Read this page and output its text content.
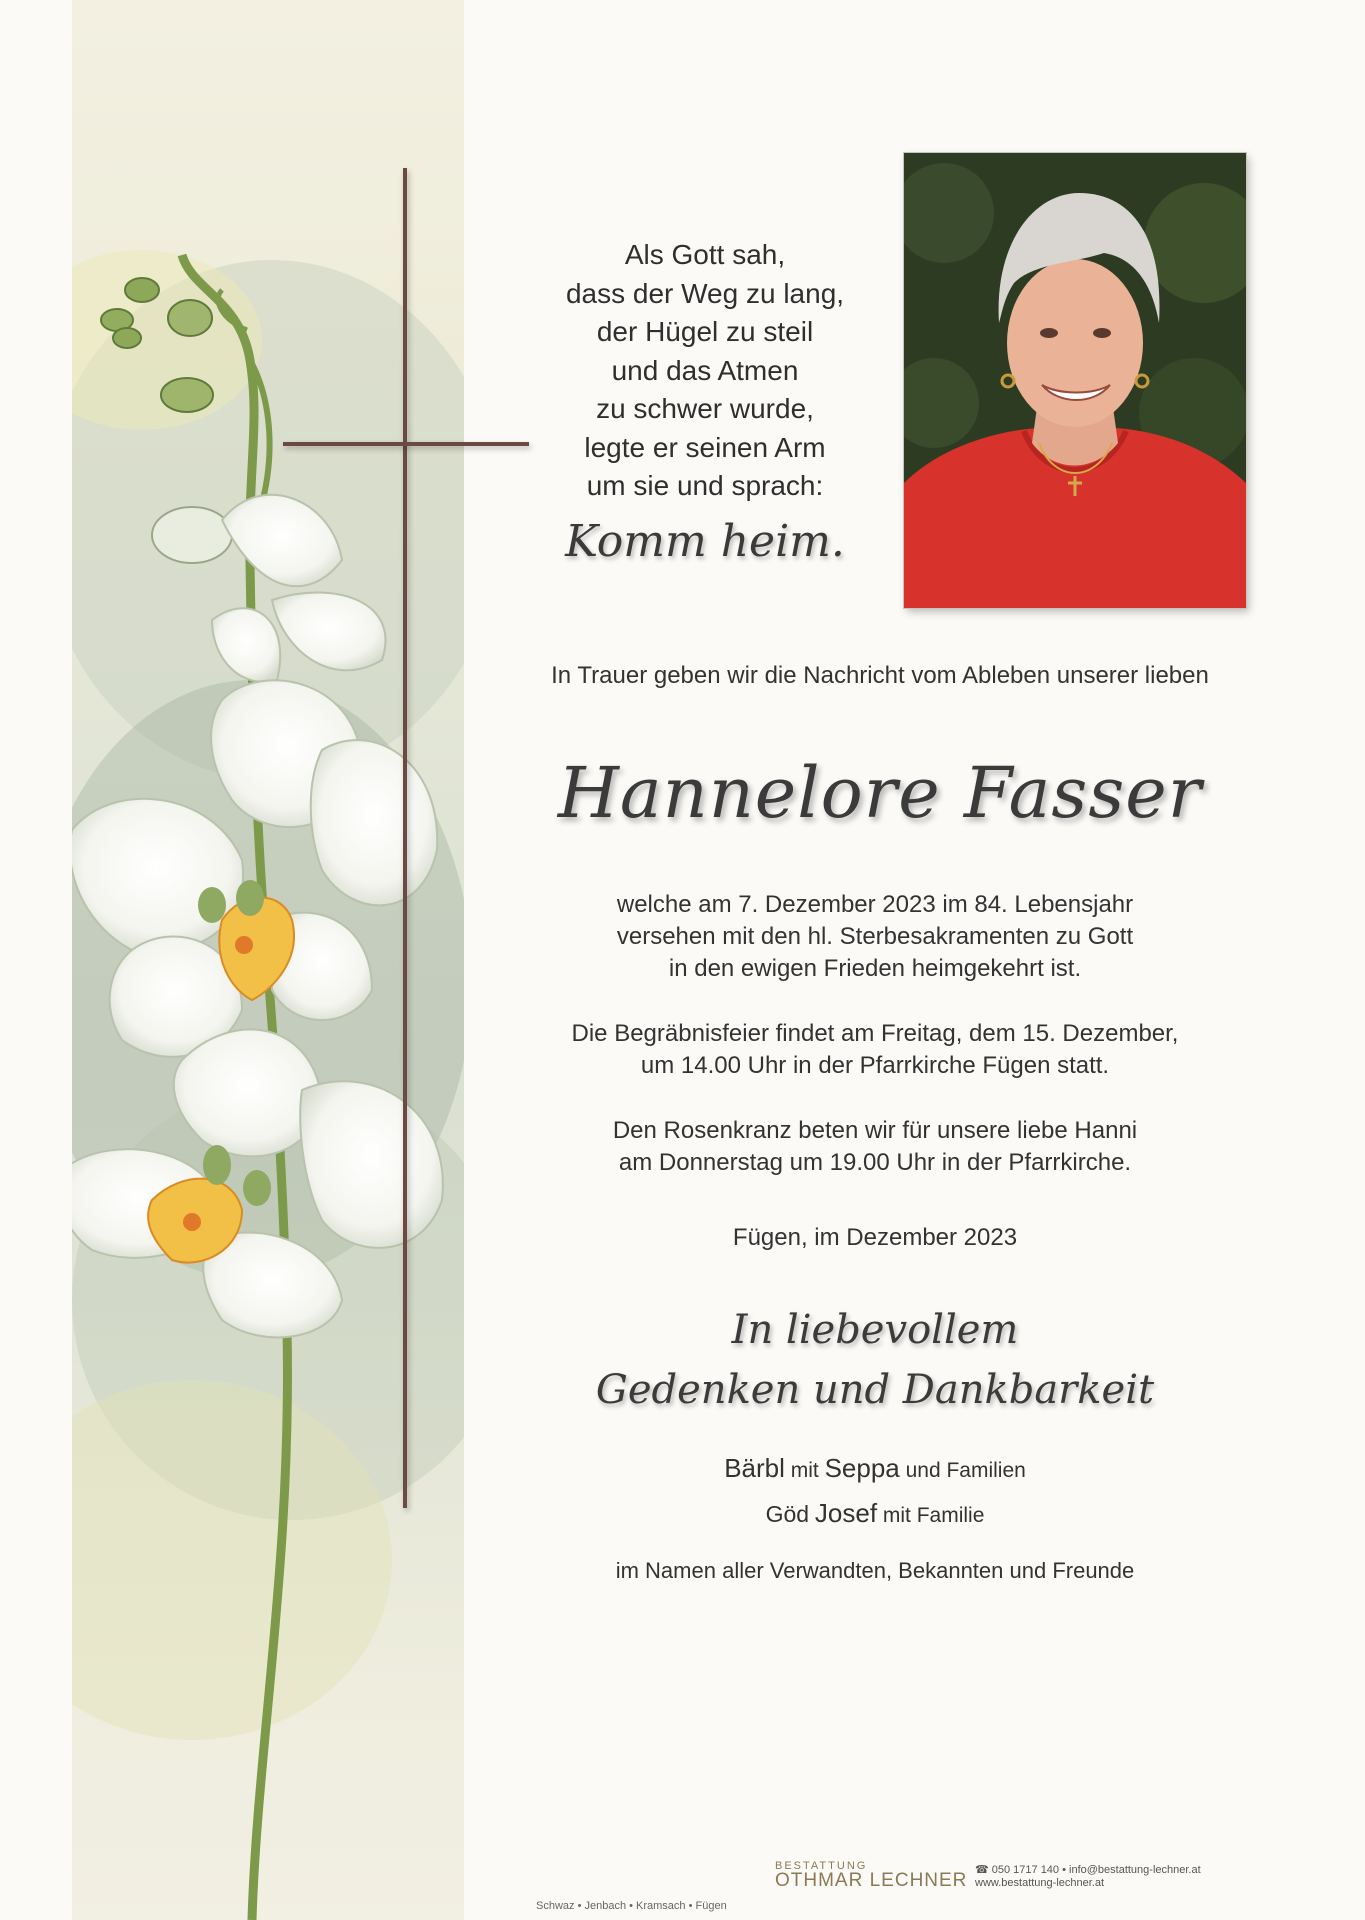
Als Gott sah,
dass der Weg zu lang,
der Hügel zu steil
und das Atmen
zu schwer wurde,
legte er seinen Arm
um sie und sprach:
Komm heim.
In Trauer geben wir die Nachricht vom Ableben unserer lieben
Hannelore Fasser
welche am 7. Dezember 2023 im 84. Lebensjahr
versehen mit den hl. Sterbesakramenten zu Gott
in den ewigen Frieden heimgekehrt ist.
Die Begräbnisfeier findet am Freitag, dem 15. Dezember,
um 14.00 Uhr in der Pfarrkirche Fügen statt.
Den Rosenkranz beten wir für unsere liebe Hanni
am Donnerstag um 19.00 Uhr in der Pfarrkirche.
Fügen, im Dezember 2023
In liebevollem
Gedenken und Dankbarkeit
Bärbl mit Seppa und Familien
Göd Josef mit Familie
im Namen aller Verwandten, Bekannten und Freunde
Schwaz • Jenbach • Kramsach • Fügen
BESTATTUNG
OTHMAR LECHNER ☎ 050 1717 140 • info@bestattung-lechner.at
www.bestattung-lechner.at
